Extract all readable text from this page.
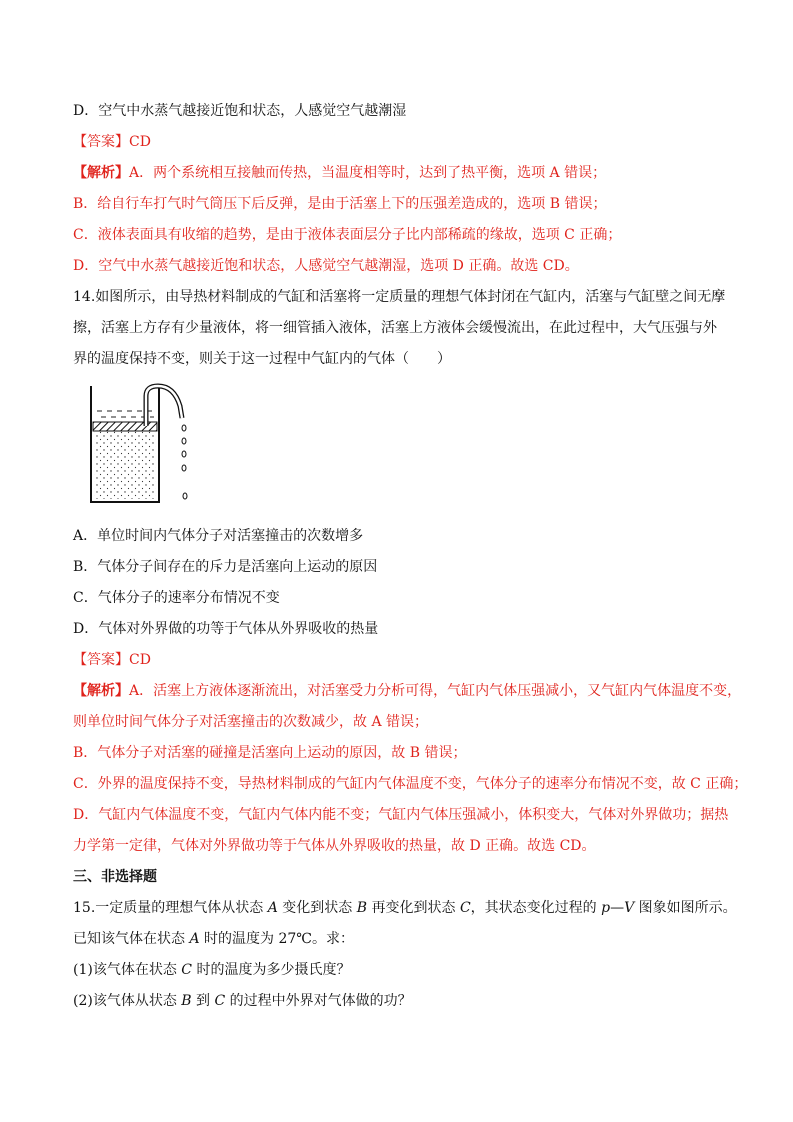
D．空气中水蒸气越接近饱和状态，人感觉空气越潮湿
【答案】CD
【解析】A．两个系统相互接触而传热，当温度相等时，达到了热平衡，选项 A 错误；
B．给自行车打气时气筒压下后反弹，是由于活塞上下的压强差造成的，选项 B 错误；
C．液体表面具有收缩的趋势，是由于液体表面层分子比内部稀疏的缘故，选项 C 正确；
D．空气中水蒸气越接近饱和状态，人感觉空气越潮湿，选项 D 正确。故选 CD。
14.如图所示，由导热材料制成的气缸和活塞将一定质量的理想气体封闭在气缸内，活塞与气缸壁之间无摩
擦，活塞上方存有少量液体，将一细管插入液体，活塞上方液体会缓慢流出，在此过程中，大气压强与外
界的温度保持不变，则关于这一过程中气缸内的气体（　　）
A．单位时间内气体分子对活塞撞击的次数增多
B．气体分子间存在的斥力是活塞向上运动的原因
C．气体分子的速率分布情况不变
D．气体对外界做的功等于气体从外界吸收的热量
【答案】CD
【解析】A．活塞上方液体逐渐流出，对活塞受力分析可得，气缸内气体压强减小，又气缸内气体温度不变，
则单位时间气体分子对活塞撞击的次数减少，故 A 错误；
B．气体分子对活塞的碰撞是活塞向上运动的原因，故 B 错误；
C．外界的温度保持不变，导热材料制成的气缸内气体温度不变，气体分子的速率分布情况不变，故 C 正确；
D．气缸内气体温度不变，气缸内气体内能不变；气缸内气体压强减小，体积变大，气体对外界做功；据热
力学第一定律，气体对外界做功等于气体从外界吸收的热量，故 D 正确。故选 CD。
三、非选择题
15.一定质量的理想气体从状态 A 变化到状态 B 再变化到状态 C，其状态变化过程的 p—V 图象如图所示。
已知该气体在状态 A 时的温度为 27℃。求：
(1)该气体在状态 C 时的温度为多少摄氏度？
(2)该气体从状态 B 到 C 的过程中外界对气体做的功？
